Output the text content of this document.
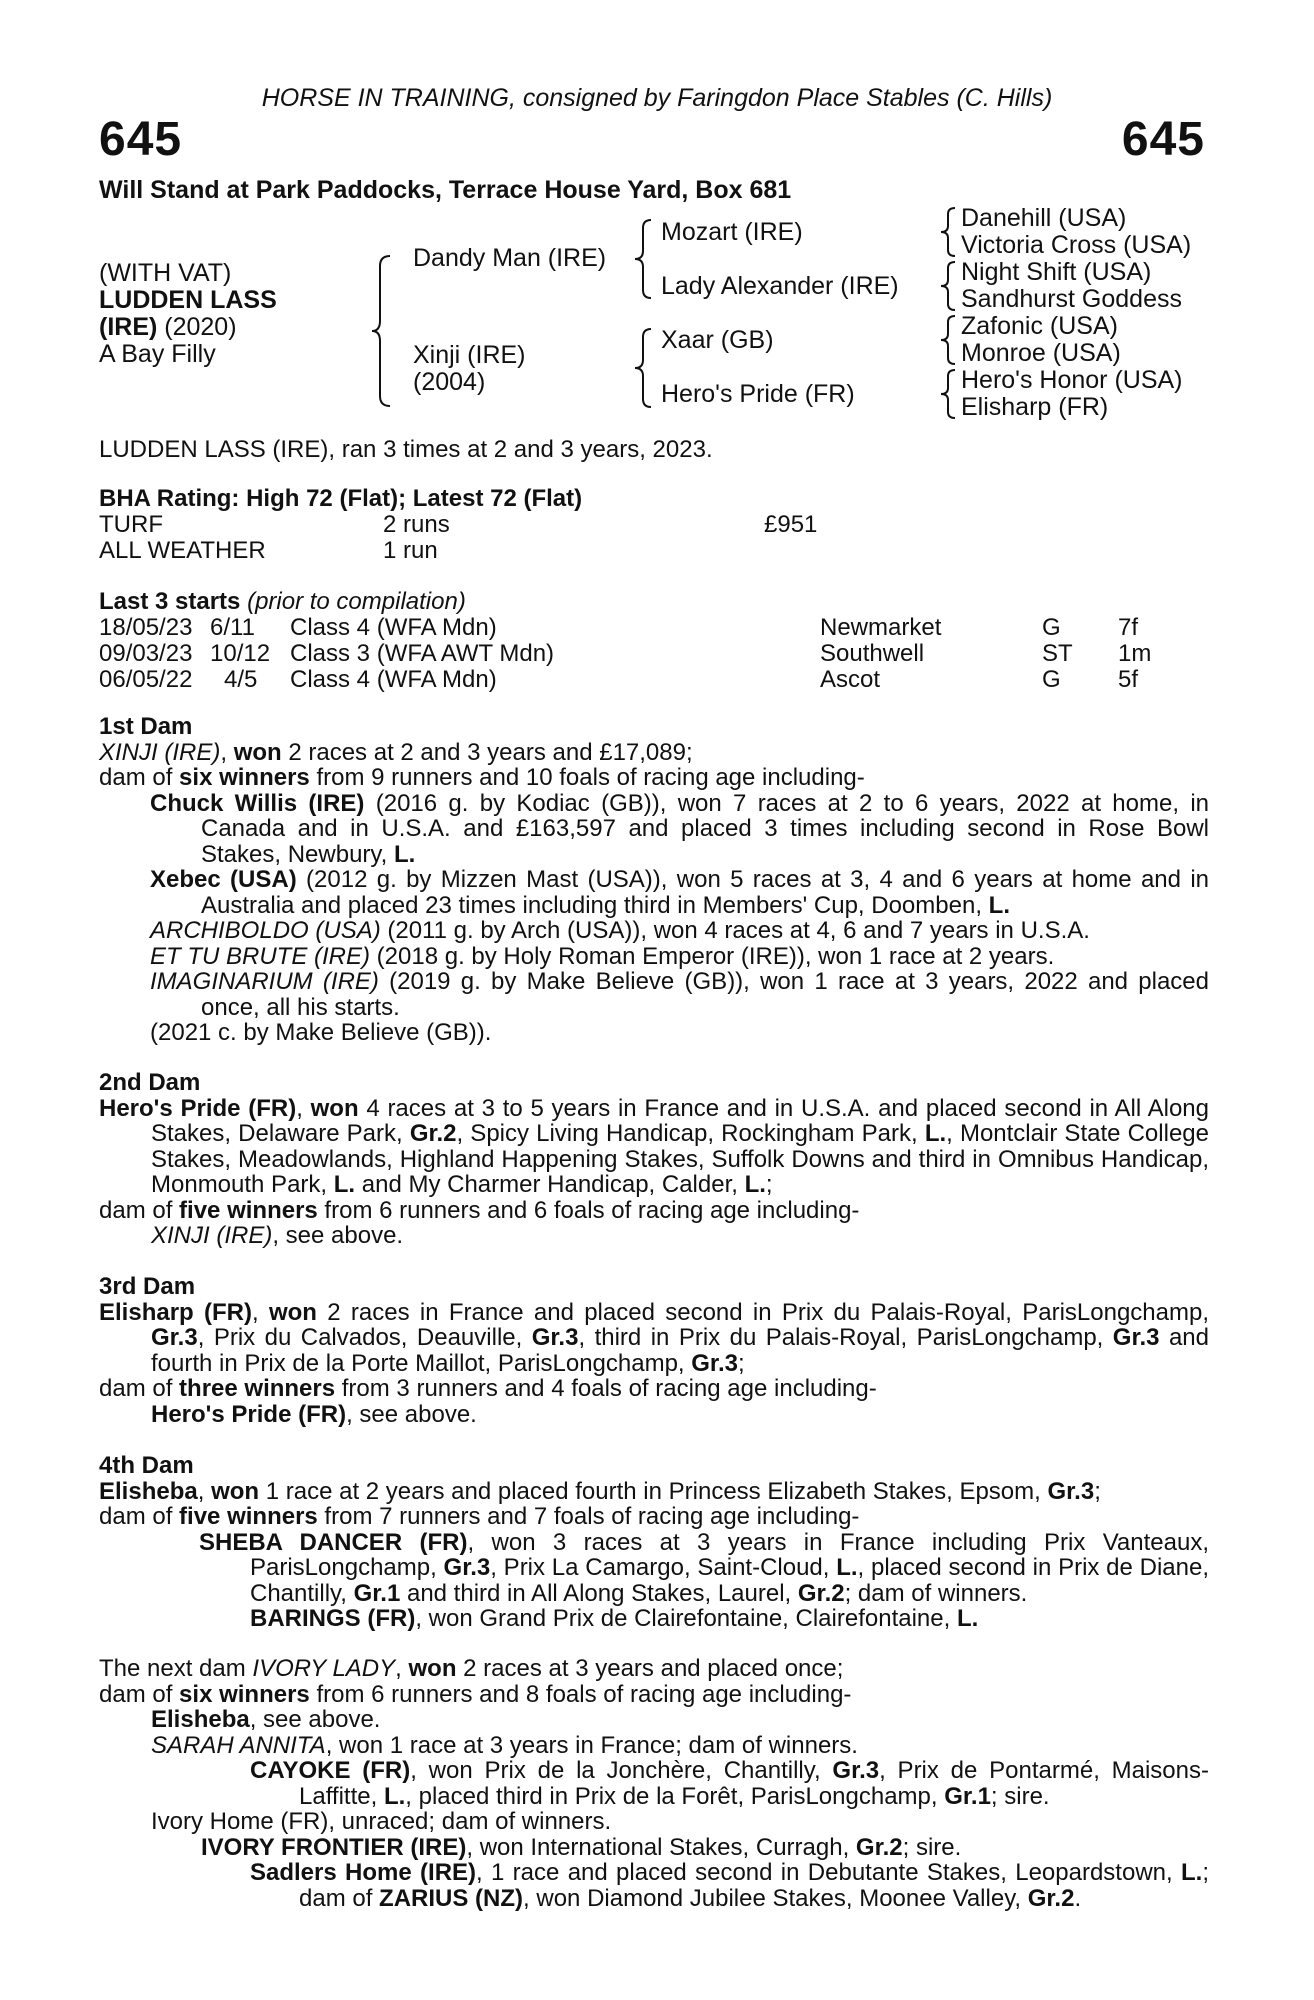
HORSE IN TRAINING, consigned by Faringdon Place Stables (C. Hills)
645	645
Will Stand at Park Paddocks, Terrace House Yard, Box 681
(WITH VAT)
LUDDEN LASS
(IRE) (2020)
A Bay Filly
Dandy Man (IRE)
Xinji (IRE)
(2004)
Mozart (IRE)
Lady Alexander (IRE)
Xaar (GB)
Hero's Pride (FR)
Danehill (USA)
Victoria Cross (USA)
Night Shift (USA)
Sandhurst Goddess
Zafonic (USA)
Monroe (USA)
Hero's Honor (USA)
Elisharp (FR)
LUDDEN LASS (IRE), ran 3 times at 2 and 3 years, 2023.
BHA Rating: High 72 (Flat); Latest 72 (Flat)
TURF	2 runs	£951
ALL WEATHER	1 run
Last 3 starts (prior to compilation)
18/05/23 6/11 Class 4 (WFA Mdn)	Newmarket	G 7f
09/03/23 10/12 Class 3 (WFA AWT Mdn)	Southwell	ST 1m
06/05/22 4/5 Class 4 (WFA Mdn)	Ascot	G 5f

1st Dam

XINJI (IRE), won 2 races at 2 and 3 years and £17,089;

dam of six winners from 9 runners and 10 foals of racing age including-

Chuck Willis (IRE) (2016 g. by Kodiac (GB)), won 7 races at 2 to 6 years, 2022 at home, in Canada and in U.S.A. and £163,597 and placed 3 times including second in Rose Bowl Stakes, Newbury, L.

Xebec (USA) (2012 g. by Mizzen Mast (USA)), won 5 races at 3, 4 and 6 years at home and in Australia and placed 23 times including third in Members' Cup, Doomben, L.

ARCHIBOLDO (USA) (2011 g. by Arch (USA)), won 4 races at 4, 6 and 7 years in U.S.A.

ET TU BRUTE (IRE) (2018 g. by Holy Roman Emperor (IRE)), won 1 race at 2 years.

IMAGINARIUM (IRE) (2019 g. by Make Believe (GB)), won 1 race at 3 years, 2022 and placed once, all his starts.

(2021 c. by Make Believe (GB)).

2nd Dam

Hero's Pride (FR), won 4 races at 3 to 5 years in France and in U.S.A. and placed second in All Along Stakes, Delaware Park, Gr.2, Spicy Living Handicap, Rockingham Park, L., Montclair State College Stakes, Meadowlands, Highland Happening Stakes, Suffolk Downs and third in Omnibus Handicap, Monmouth Park, L. and My Charmer Handicap, Calder, L.;

dam of five winners from 6 runners and 6 foals of racing age including-

XINJI (IRE), see above.

3rd Dam

Elisharp (FR), won 2 races in France and placed second in Prix du Palais-Royal, ParisLongchamp, Gr.3, Prix du Calvados, Deauville, Gr.3, third in Prix du Palais-Royal, ParisLongchamp, Gr.3 and fourth in Prix de la Porte Maillot, ParisLongchamp, Gr.3;

dam of three winners from 3 runners and 4 foals of racing age including-

Hero's Pride (FR), see above.

4th Dam

Elisheba, won 1 race at 2 years and placed fourth in Princess Elizabeth Stakes, Epsom, Gr.3;

dam of five winners from 7 runners and 7 foals of racing age including-

SHEBA DANCER (FR), won 3 races at 3 years in France including Prix Vanteaux, ParisLongchamp, Gr.3, Prix La Camargo, Saint-Cloud, L., placed second in Prix de Diane, Chantilly, Gr.1 and third in All Along Stakes, Laurel, Gr.2; dam of winners.

BARINGS (FR), won Grand Prix de Clairefontaine, Clairefontaine, L.

The next dam IVORY LADY, won 2 races at 3 years and placed once;

dam of six winners from 6 runners and 8 foals of racing age including-

Elisheba, see above.

SARAH ANNITA, won 1 race at 3 years in France; dam of winners.

CAYOKE (FR), won Prix de la Jonchère, Chantilly, Gr.3, Prix de Pontarmé, Maisons-Laffitte, L., placed third in Prix de la Forêt, ParisLongchamp, Gr.1; sire.

Ivory Home (FR), unraced; dam of winners.

IVORY FRONTIER (IRE), won International Stakes, Curragh, Gr.2; sire.

Sadlers Home (IRE), 1 race and placed second in Debutante Stakes, Leopardstown, L.; dam of ZARIUS (NZ), won Diamond Jubilee Stakes, Moonee Valley, Gr.2.
